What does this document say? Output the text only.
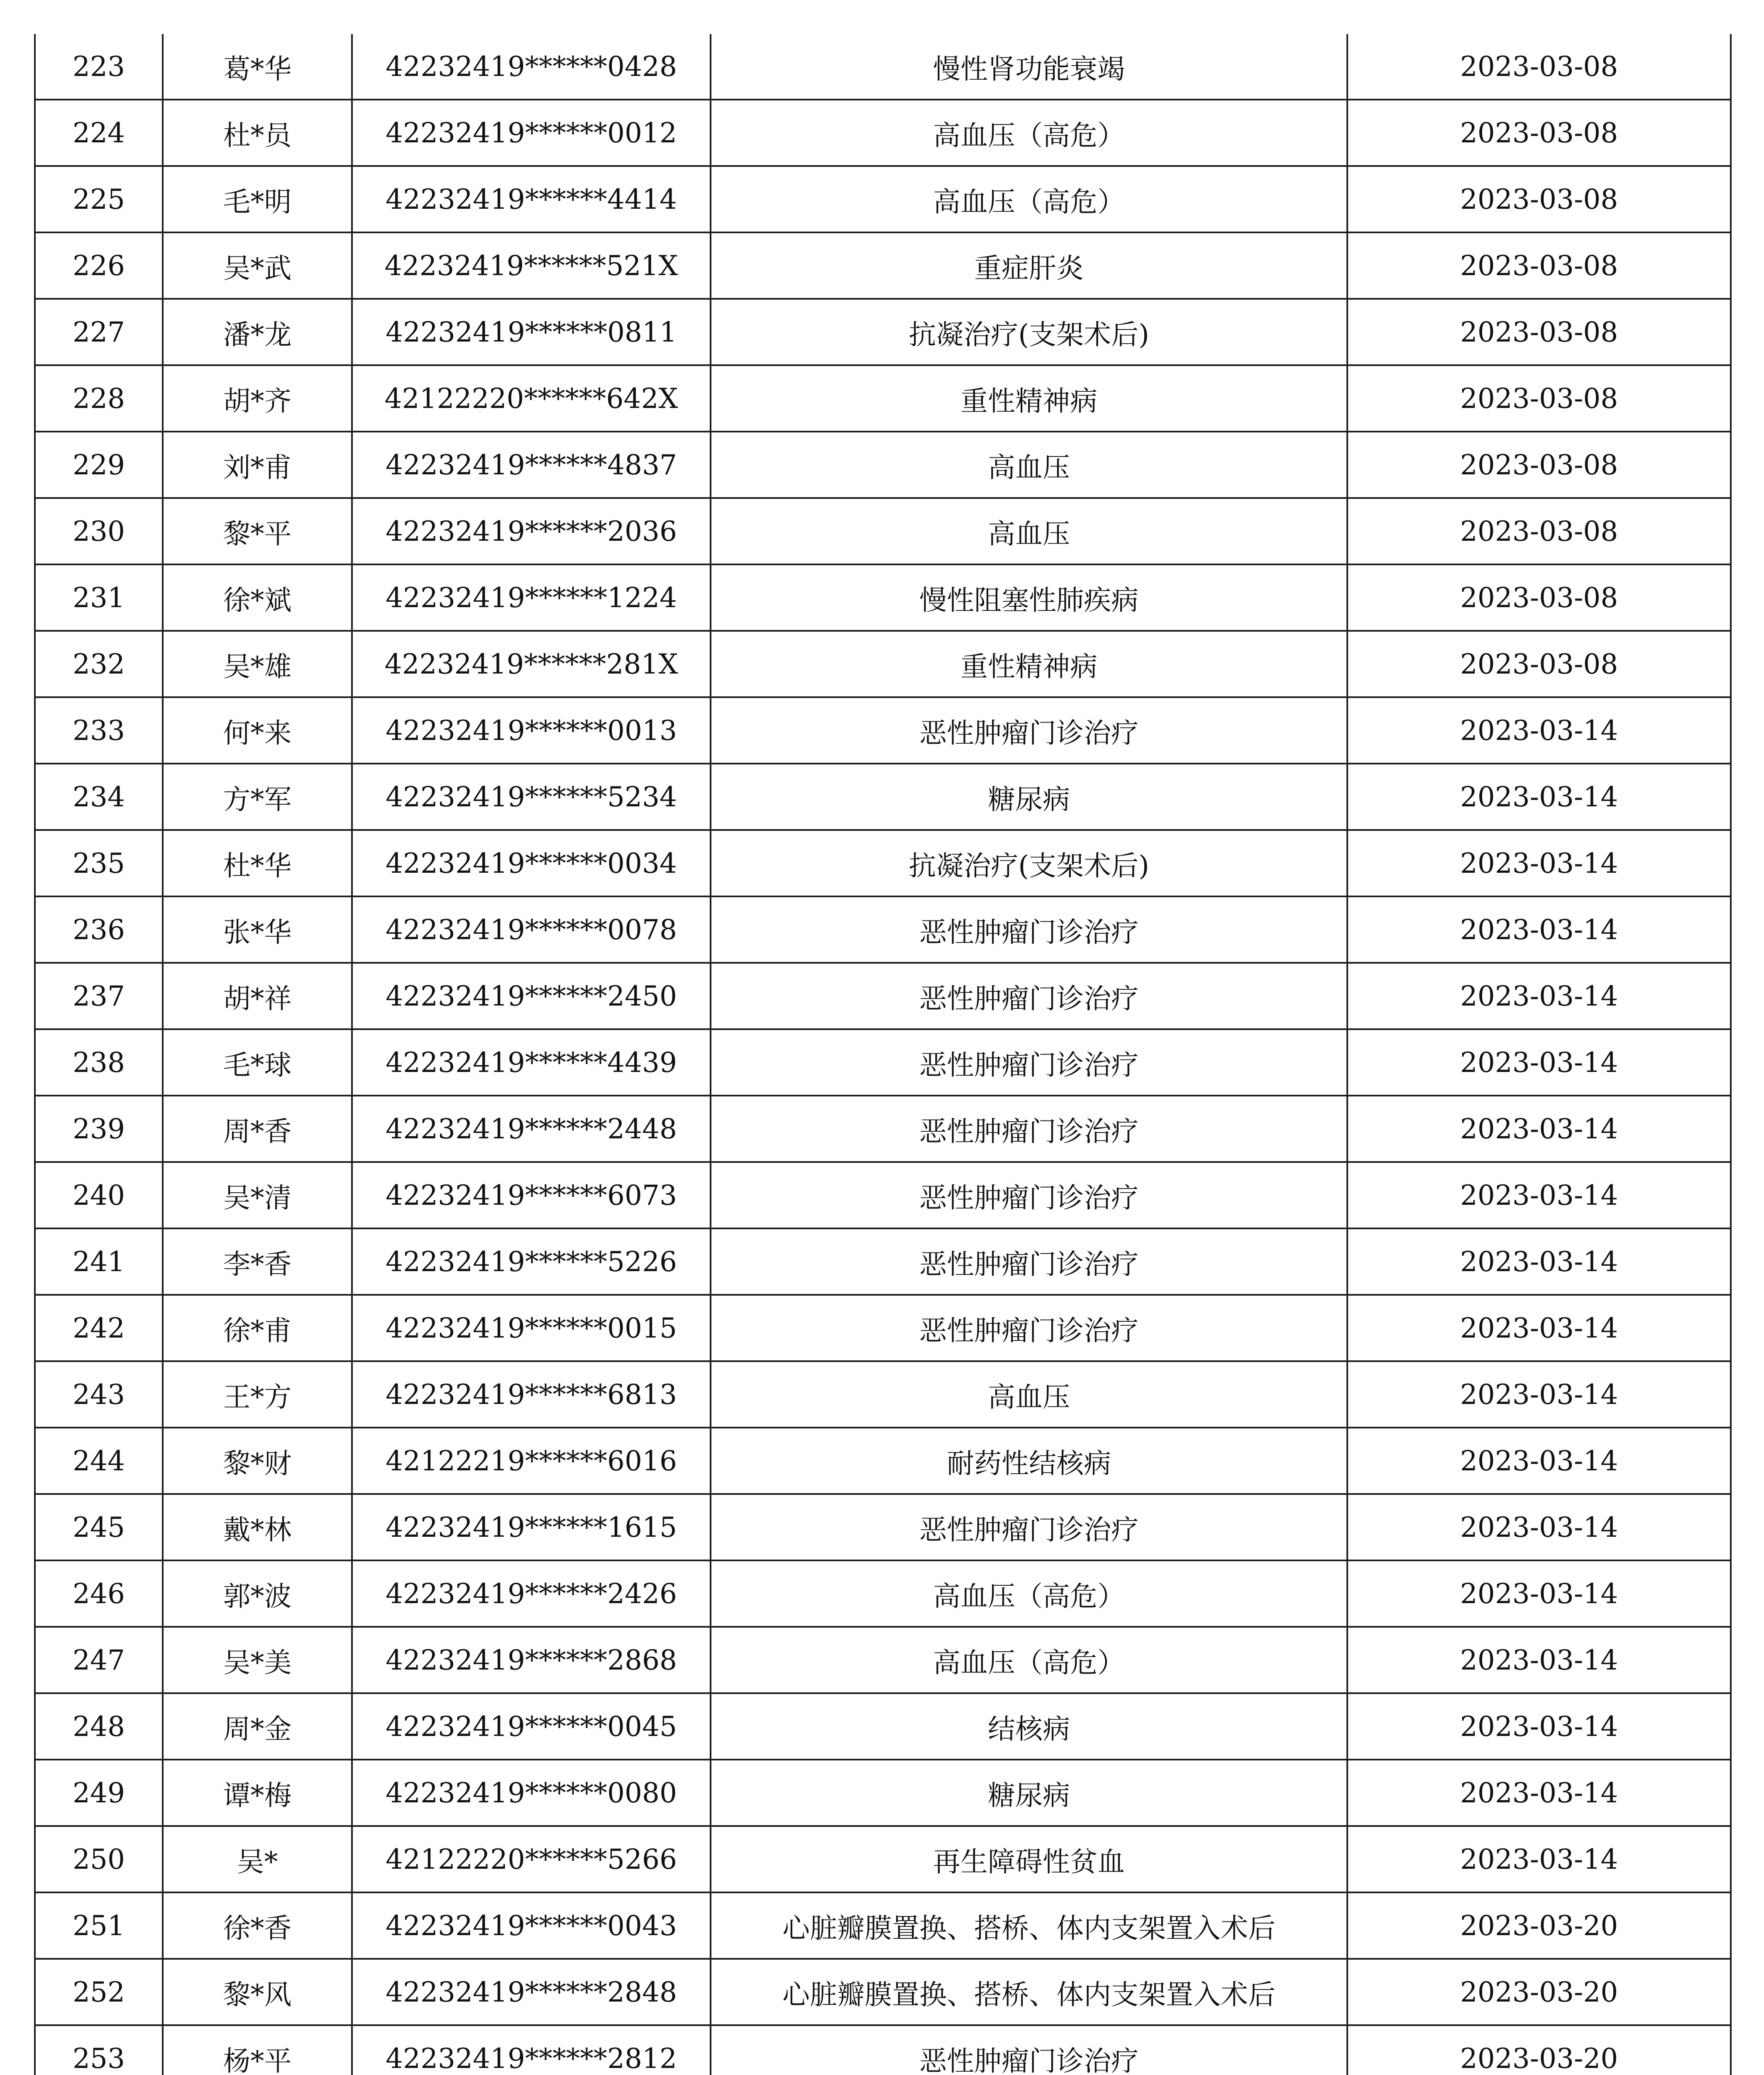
223	葛*华	42232419******0428	慢性肾功能衰竭	2023-03-08
224	杜*员	42232419******0012	高血压（高危）	2023-03-08
225	毛*明	42232419******4414	高血压（高危）	2023-03-08
226	吴*武	42232419******521X	重症肝炎	2023-03-08
227	潘*龙	42232419******0811	抗凝治疗(支架术后)	2023-03-08
228	胡*齐	42122220******642X	重性精神病	2023-03-08
229	刘*甫	42232419******4837	高血压	2023-03-08
230	黎*平	42232419******2036	高血压	2023-03-08
231	徐*斌	42232419******1224	慢性阻塞性肺疾病	2023-03-08
232	吴*雄	42232419******281X	重性精神病	2023-03-08
233	何*来	42232419******0013	恶性肿瘤门诊治疗	2023-03-14
234	方*军	42232419******5234	糖尿病	2023-03-14
235	杜*华	42232419******0034	抗凝治疗(支架术后)	2023-03-14
236	张*华	42232419******0078	恶性肿瘤门诊治疗	2023-03-14
237	胡*祥	42232419******2450	恶性肿瘤门诊治疗	2023-03-14
238	毛*球	42232419******4439	恶性肿瘤门诊治疗	2023-03-14
239	周*香	42232419******2448	恶性肿瘤门诊治疗	2023-03-14
240	吴*清	42232419******6073	恶性肿瘤门诊治疗	2023-03-14
241	李*香	42232419******5226	恶性肿瘤门诊治疗	2023-03-14
242	徐*甫	42232419******0015	恶性肿瘤门诊治疗	2023-03-14
243	王*方	42232419******6813	高血压	2023-03-14
244	黎*财	42122219******6016	耐药性结核病	2023-03-14
245	戴*林	42232419******1615	恶性肿瘤门诊治疗	2023-03-14
246	郭*波	42232419******2426	高血压（高危）	2023-03-14
247	吴*美	42232419******2868	高血压（高危）	2023-03-14
248	周*金	42232419******0045	结核病	2023-03-14
249	谭*梅	42232419******0080	糖尿病	2023-03-14
250	吴*	42122220******5266	再生障碍性贫血	2023-03-14
251	徐*香	42232419******0043	心脏瓣膜置换、搭桥、体内支架置入术后	2023-03-20
252	黎*风	42232419******2848	心脏瓣膜置换、搭桥、体内支架置入术后	2023-03-20
253	杨*平	42232419******2812	恶性肿瘤门诊治疗	2023-03-20
